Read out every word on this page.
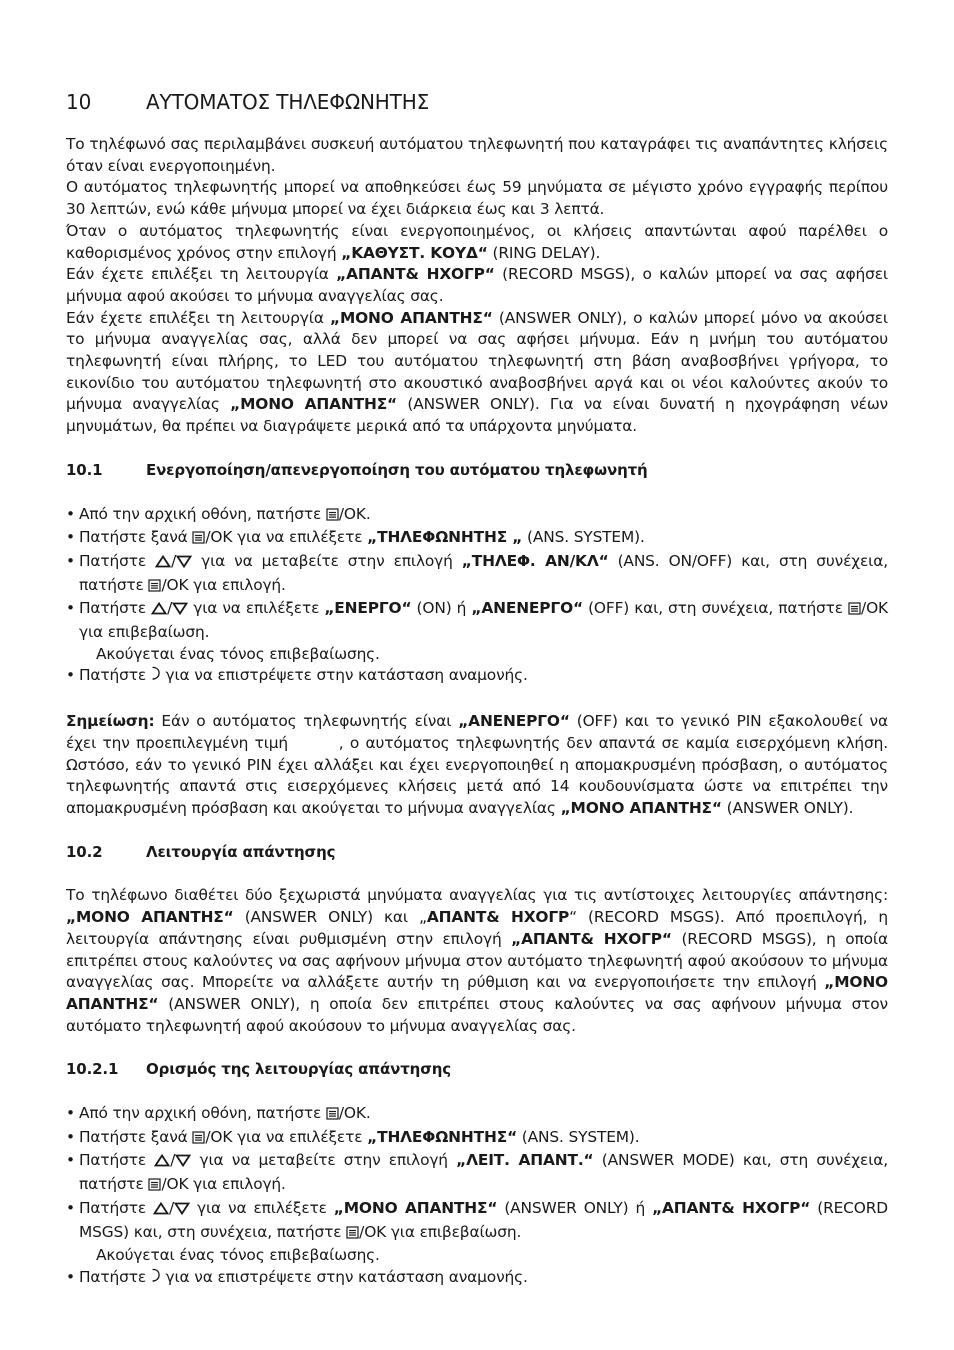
10	ΑΥΤΟΜΑΤΟΣ ΤΗΛΕΦΩΝΗΤΗΣ

Το τηλέφωνό σας περιλαμβάνει συσκευή αυτόματου τηλεφωνητή που καταγράφει τις αναπάντητες κλήσεις όταν είναι ενεργοποιημένη.

Ο αυτόματος τηλεφωνητής μπορεί να αποθηκεύσει έως 59 μηνύματα σε μέγιστο χρόνο εγγραφής περίπου 30 λεπτών, ενώ κάθε μήνυμα μπορεί να έχει διάρκεια έως και 3 λεπτά.

Όταν ο αυτόματος τηλεφωνητής είναι ενεργοποιημένος, οι κλήσεις απαντώνται αφού παρέλθει ο καθορισμένος χρόνος στην επιλογή „ΚΑΘΥΣΤ. ΚΟΥΔ“ (RING DELAY).

Εάν έχετε επιλέξει τη λειτουργία „ΑΠΑΝΤ& ΗΧΟΓΡ“ (RECORD MSGS), ο καλών μπορεί να σας αφήσει μήνυμα αφού ακούσει το μήνυμα αναγγελίας σας.

Εάν έχετε επιλέξει τη λειτουργία „ΜΟΝΟ ΑΠΑΝΤΗΣ“ (ANSWER ONLY), ο καλών μπορεί μόνο να ακούσει το μήνυμα αναγγελίας σας, αλλά δεν μπορεί να σας αφήσει μήνυμα. Εάν η μνήμη του αυτόματου τηλεφωνητή είναι πλήρης, το LED του αυτόματου τηλεφωνητή στη βάση αναβοσβήνει γρήγορα, το εικονίδιο του αυτόματου τηλεφωνητή στο ακουστικό αναβοσβήνει αργά και οι νέοι καλούντες ακούν το μήνυμα αναγγελίας „ΜΟΝΟ ΑΠΑΝΤΗΣ“ (ANSWER ONLY). Για να είναι δυνατή η ηχογράφηση νέων μηνυμάτων, θα πρέπει να διαγράψετε μερικά από τα υπάρχοντα μηνύματα.

10.1	Ενεργοποίηση/απενεργοποίηση του αυτόματου τηλεφωνητή
• Από την αρχική οθόνη, πατήστε /OK.
• Πατήστε ξανά /OK για να επιλέξετε „ΤΗΛΕΦΩΝΗΤΗΣ „ (ANS. SYSTEM).
• Πατήστε / για να μεταβείτε στην επιλογή „ΤΗΛΕΦ. ΑΝ/ΚΛ“ (ANS. ON/OFF) και, στη συνέχεια, πατήστε /OK για επιλογή.
• Πατήστε / για να επιλέξετε „ΕΝΕΡΓΟ“ (ON) ή „ΑΝΕΝΕΡΓΟ“ (OFF) και, στη συνέχεια, πατήστε /OK για επιβεβαίωση.
Ακούγεται ένας τόνος επιβεβαίωσης.
• Πατήστε  για να επιστρέψετε στην κατάσταση αναμονής.

Σημείωση: Εάν ο αυτόματος τηλεφωνητής είναι „ΑΝΕΝΕΡΓΟ“ (OFF) και το γενικό PIN εξακολουθεί να έχει την προεπιλεγμένη τιμή        , ο αυτόματος τηλεφωνητής δεν απαντά σε καμία εισερχόμενη κλήση. Ωστόσο, εάν το γενικό PIN έχει αλλάξει και έχει ενεργοποιηθεί η απομακρυσμένη πρόσβαση, ο αυτόματος τηλεφωνητής απαντά στις εισερχόμενες κλήσεις μετά από 14 κουδουνίσματα ώστε να επιτρέπει την απομακρυσμένη πρόσβαση και ακούγεται το μήνυμα αναγγελίας „ΜΟΝΟ ΑΠΑΝΤΗΣ“ (ANSWER ONLY).

10.2	Λειτουργία απάντησης

Το τηλέφωνο διαθέτει δύο ξεχωριστά μηνύματα αναγγελίας για τις αντίστοιχες λειτουργίες απάντησης: „ΜΟΝΟ ΑΠΑΝΤΗΣ“ (ANSWER ONLY) και „ΑΠΑΝΤ& ΗΧΟΓΡ“ (RECORD MSGS). Από προεπιλογή, η λειτουργία απάντησης είναι ρυθμισμένη στην επιλογή „ΑΠΑΝΤ& ΗΧΟΓΡ“ (RECORD MSGS), η οποία επιτρέπει στους καλούντες να σας αφήνουν μήνυμα στον αυτόματο τηλεφωνητή αφού ακούσουν το μήνυμα αναγγελίας σας. Μπορείτε να αλλάξετε αυτήν τη ρύθμιση και να ενεργοποιήσετε την επιλογή „ΜΟΝΟ ΑΠΑΝΤΗΣ“ (ANSWER ONLY), η οποία δεν επιτρέπει στους καλούντες να σας αφήνουν μήνυμα στον αυτόματο τηλεφωνητή αφού ακούσουν το μήνυμα αναγγελίας σας.

10.2.1	Ορισμός της λειτουργίας απάντησης
• Από την αρχική οθόνη, πατήστε /OK.
• Πατήστε ξανά /OK για να επιλέξετε „ΤΗΛΕΦΩΝΗΤΗΣ“ (ANS. SYSTEM).
• Πατήστε / για να μεταβείτε στην επιλογή „ΛΕΙΤ. ΑΠΑΝΤ.“ (ANSWER MODE) και, στη συνέχεια, πατήστε /OK για επιλογή.
• Πατήστε / για να επιλέξετε „ΜΟΝΟ ΑΠΑΝΤΗΣ“ (ANSWER ONLY) ή „ΑΠΑΝΤ& ΗΧΟΓΡ“ (RECORD MSGS) και, στη συνέχεια, πατήστε /OK για επιβεβαίωση.
Ακούγεται ένας τόνος επιβεβαίωσης.
• Πατήστε  για να επιστρέψετε στην κατάσταση αναμονής.
